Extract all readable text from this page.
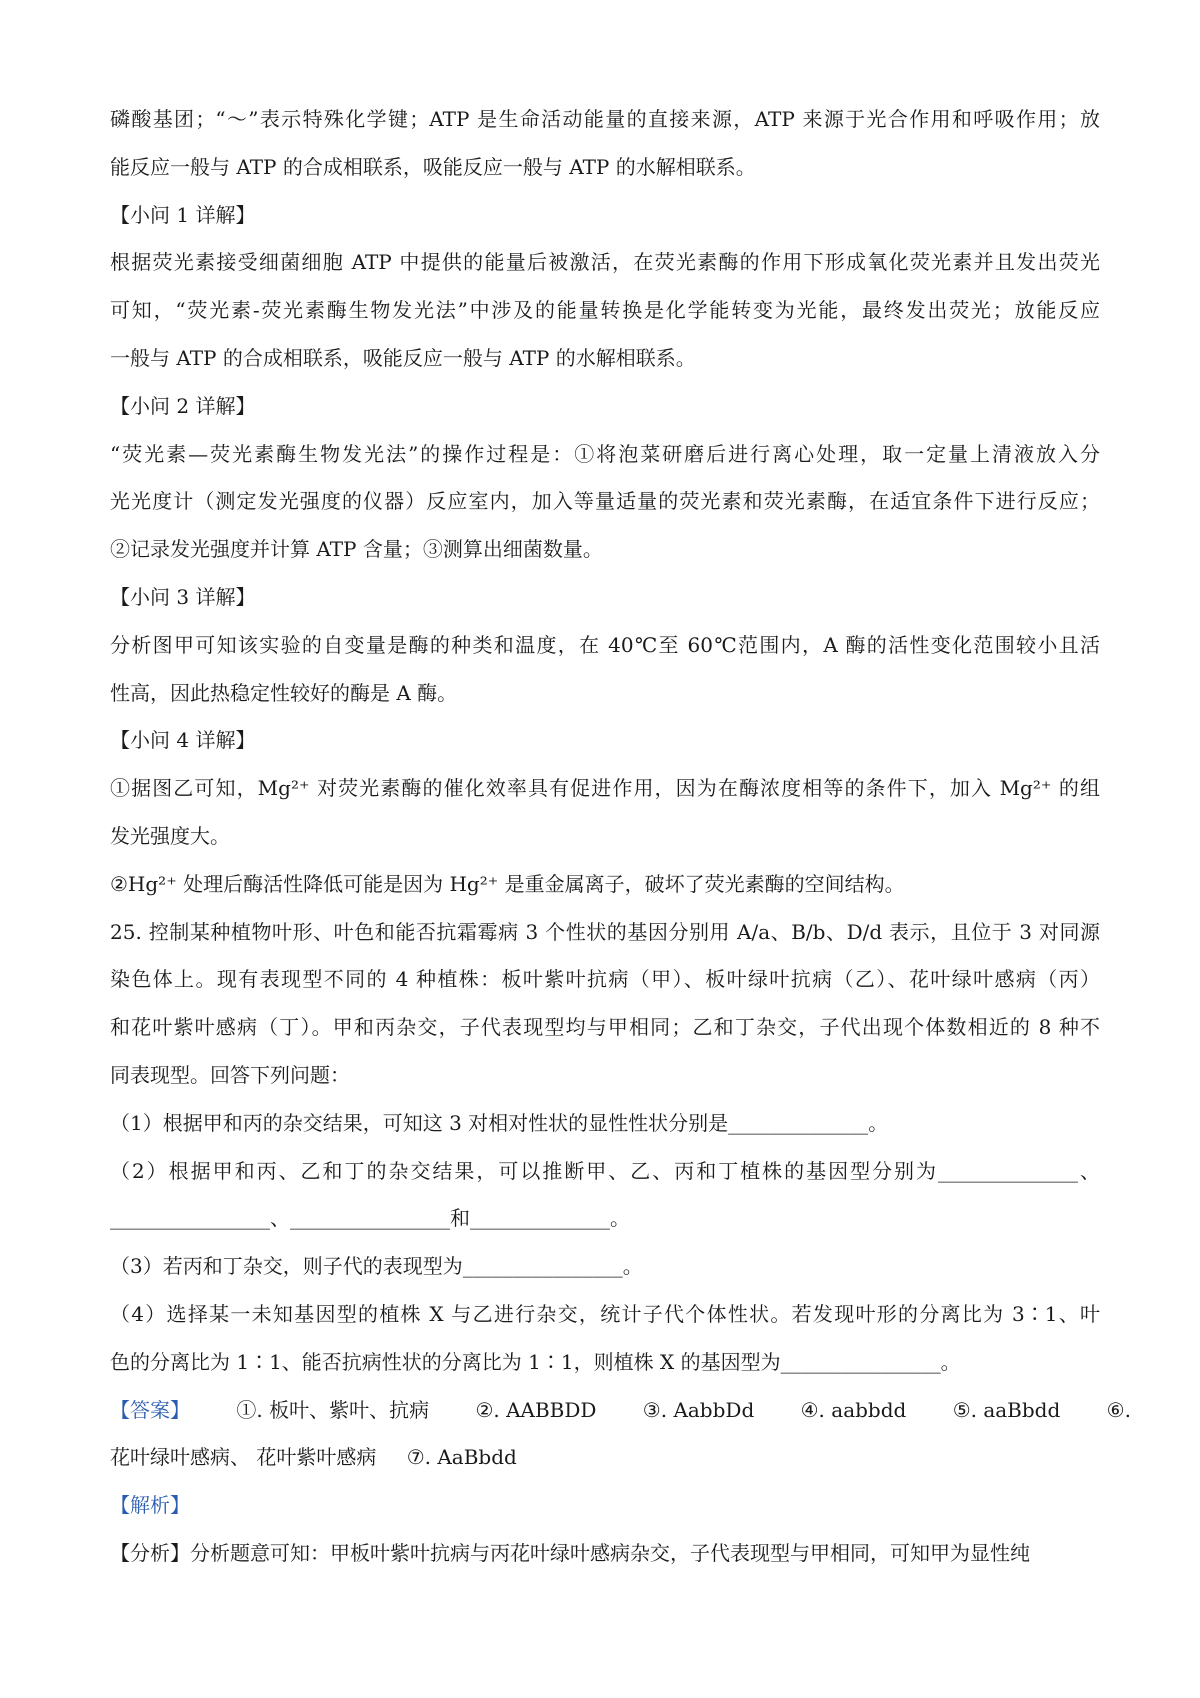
磷酸基团；“～”表示特殊化学键；ATP 是生命活动能量的直接来源，ATP 来源于光合作用和呼吸作用；放
能反应一般与 ATP 的合成相联系，吸能反应一般与 ATP 的水解相联系。
【小问 1 详解】
根据荧光素接受细菌细胞 ATP 中提供的能量后被激活，在荧光素酶的作用下形成氧化荧光素并且发出荧光
可知，“荧光素-荧光素酶生物发光法”中涉及的能量转换是化学能转变为光能，最终发出荧光；放能反应
一般与 ATP 的合成相联系，吸能反应一般与 ATP 的水解相联系。
【小问 2 详解】
“荧光素—荧光素酶生物发光法”的操作过程是：①将泡菜研磨后进行离心处理，取一定量上清液放入分
光光度计（测定发光强度的仪器）反应室内，加入等量适量的荧光素和荧光素酶，在适宜条件下进行反应；
②记录发光强度并计算 ATP 含量；③测算出细菌数量。
【小问 3 详解】
分析图甲可知该实验的自变量是酶的种类和温度，在 40℃至 60℃范围内，A 酶的活性变化范围较小且活
性高，因此热稳定性较好的酶是 A 酶。
【小问 4 详解】
①据图乙可知，Mg²⁺ 对荧光素酶的催化效率具有促进作用，因为在酶浓度相等的条件下，加入 Mg²⁺ 的组
发光强度大。
②Hg²⁺ 处理后酶活性降低可能是因为 Hg²⁺ 是重金属离子，破坏了荧光素酶的空间结构。
25. 控制某种植物叶形、叶色和能否抗霜霉病 3 个性状的基因分别用 A/a、B/b、D/d 表示，且位于 3 对同源
染色体上。现有表现型不同的 4 种植株：板叶紫叶抗病（甲）、板叶绿叶抗病（乙）、花叶绿叶感病（丙）
和花叶紫叶感病（丁）。甲和丙杂交，子代表现型均与甲相同；乙和丁杂交，子代出现个体数相近的 8 种不
同表现型。回答下列问题：
（1）根据甲和丙的杂交结果，可知这 3 对相对性状的显性性状分别是______________。
（2）根据甲和丙、乙和丁的杂交结果，可以推断甲、乙、丙和丁植株的基因型分别为______________、
________________、________________和______________。
（3）若丙和丁杂交，则子代的表现型为________________。
（4）选择某一未知基因型的植株 X 与乙进行杂交，统计子代个体性状。若发现叶形的分离比为 3∶1、叶
色的分离比为 1∶1、能否抗病性状的分离比为 1∶1，则植株 X 的基因型为________________。
【答案】 ①. 板叶、紫叶、抗病 ②. AABBDD ③. AabbDd ④. aabbdd ⑤. aaBbdd ⑥.
花叶绿叶感病、 花叶紫叶感病 ⑦. AaBbdd
【解析】
【分析】分析题意可知：甲板叶紫叶抗病与丙花叶绿叶感病杂交，子代表现型与甲相同，可知甲为显性纯
